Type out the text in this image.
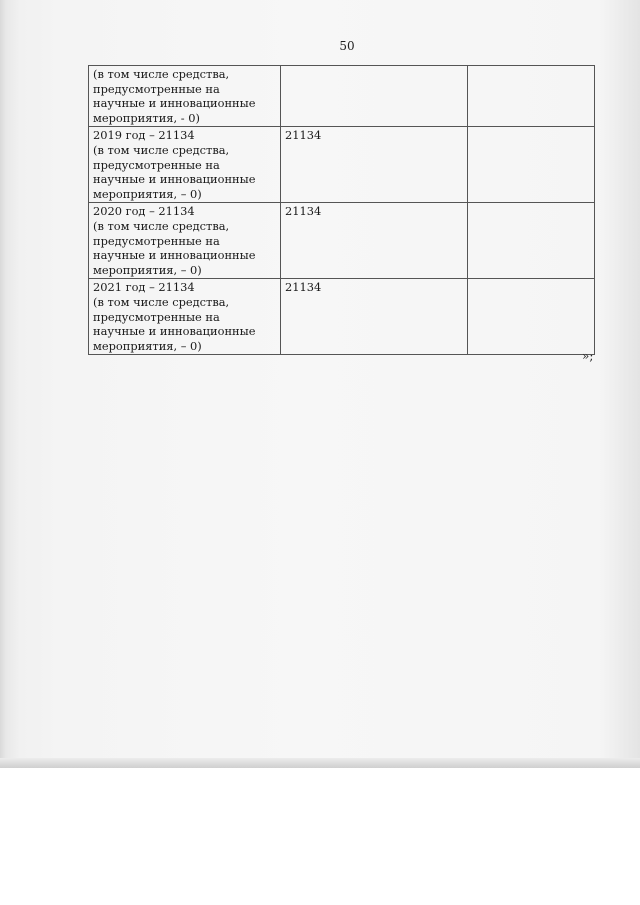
50
(в том числе средства,
предусмотренные на
научные и инновационные
мероприятия, - 0)		

2019 год – 21134
(в том числе средства,
предусмотренные на
научные и инновационные
мероприятия, – 0)	21134	

2020 год – 21134
(в том числе средства,
предусмотренные на
научные и инновационные
мероприятия, – 0)	21134	

2021 год – 21134
(в том числе средства,
предусмотренные на
научные и инновационные
мероприятия, – 0)	21134	
»;
